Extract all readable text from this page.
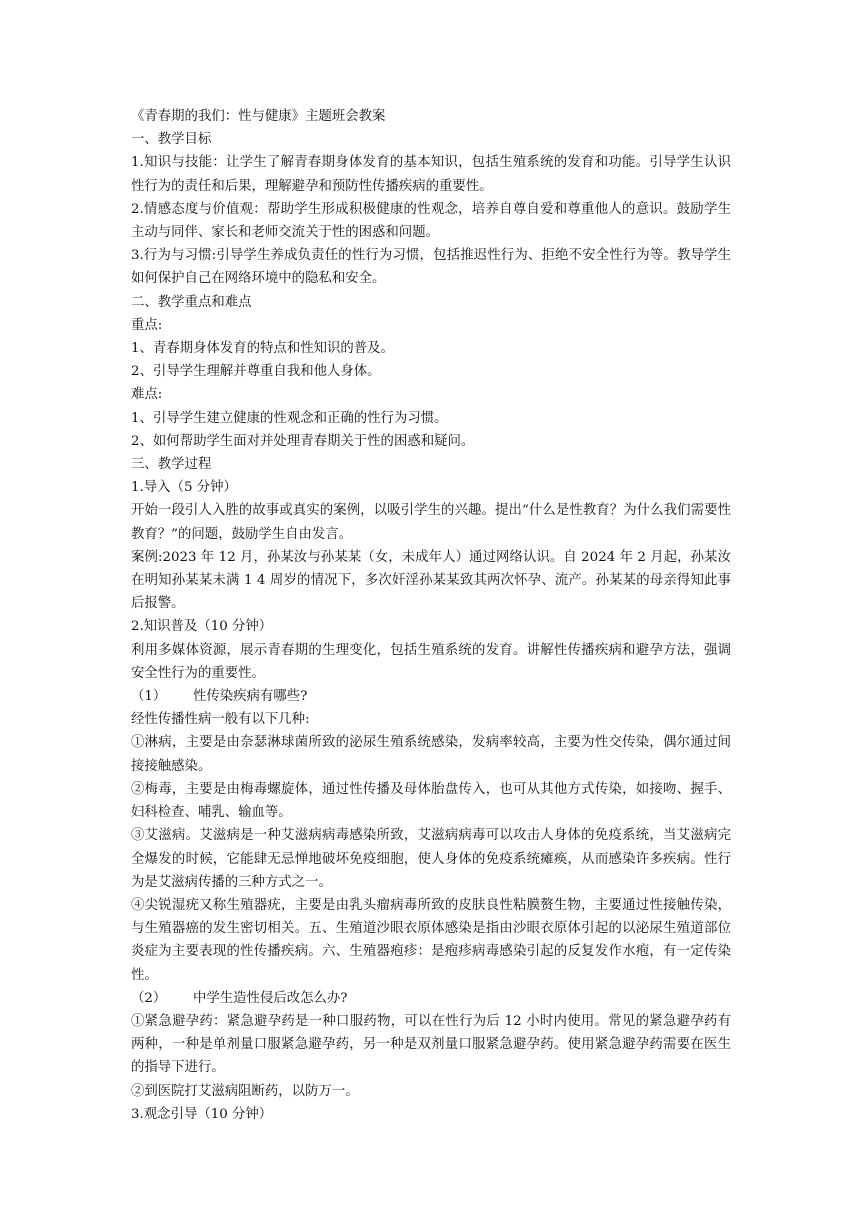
《青春期的我们：性与健康》主题班会教案

一、教学目标

1.知识与技能：让学生了解青春期身体发育的基本知识，包括生殖系统的发育和功能。引导学生认识性行为的责任和后果，理解避孕和预防性传播疾病的重要性。

2.情感态度与价值观：帮助学生形成积极健康的性观念，培养自尊自爱和尊重他人的意识。鼓励学生主动与同伴、家长和老师交流关于性的困惑和问题。

3.行为与习惯:引导学生养成负责任的性行为习惯，包括推迟性行为、拒绝不安全性行为等。教导学生如何保护自己在网络环境中的隐私和安全。

二、教学重点和难点

重点:

1、青春期身体发育的特点和性知识的普及。

2、引导学生理解并尊重自我和他人身体。

难点:

1、引导学生建立健康的性观念和正确的性行为习惯。

2、如何帮助学生面对并处理青春期关于性的困惑和疑问。

三、教学过程

1.导入（5 分钟）

开始一段引人入胜的故事或真实的案例，以吸引学生的兴趣。提出“什么是性教育？为什么我们需要性教育？”的问题，鼓励学生自由发言。

案例:2023 年 12 月，孙某汝与孙某某（女，未成年人）通过网络认识。自 2024 年 2 月起，孙某汝在明知孙某某未满 1 4 周岁的情况下，多次奸淫孙某某致其两次怀孕、流产。孙某某的母亲得知此事后报警。

2.知识普及（10 分钟）

利用多媒体资源，展示青春期的生理变化，包括生殖系统的发育。讲解性传播疾病和避孕方法，强调安全性行为的重要性。

（1）	性传染疾病有哪些?

经性传播性病一般有以下几种:

①淋病，主要是由奈瑟淋球菌所致的泌尿生殖系统感染，发病率较高，主要为性交传染，偶尔通过间接接触感染。

②梅毒，主要是由梅毒螺旋体，通过性传播及母体胎盘传入，也可从其他方式传染，如接吻、握手、妇科检查、哺乳、输血等。

③艾滋病。艾滋病是一种艾滋病病毒感染所致，艾滋病病毒可以攻击人身体的免疫系统，当艾滋病完全爆发的时候，它能肆无忌惮地破坏免疫细胞，使人身体的免疫系统瘫痪，从而感染许多疾病。性行为是艾滋病传播的三种方式之一。

④尖锐湿疣又称生殖器疣，主要是由乳头瘤病毒所致的皮肤良性粘膜赘生物，主要通过性接触传染，与生殖器癌的发生密切相关。五、生殖道沙眼衣原体感染是指由沙眼衣原体引起的以泌尿生殖道部位炎症为主要表现的性传播疾病。六、生殖器疱疹：是疱疹病毒感染引起的反复发作水疱，有一定传染性。

（2）	中学生造性侵后改怎么办?

①紧急避孕药：紧急避孕药是一种口服药物，可以在性行为后 12 小时内使用。常见的紧急避孕药有两种，一种是单剂量口服紧急避孕药，另一种是双剂量口服紧急避孕药。使用紧急避孕药需要在医生的指导下进行。

②到医院打艾滋病阻断药，以防万一。

3.观念引导（10 分钟）
